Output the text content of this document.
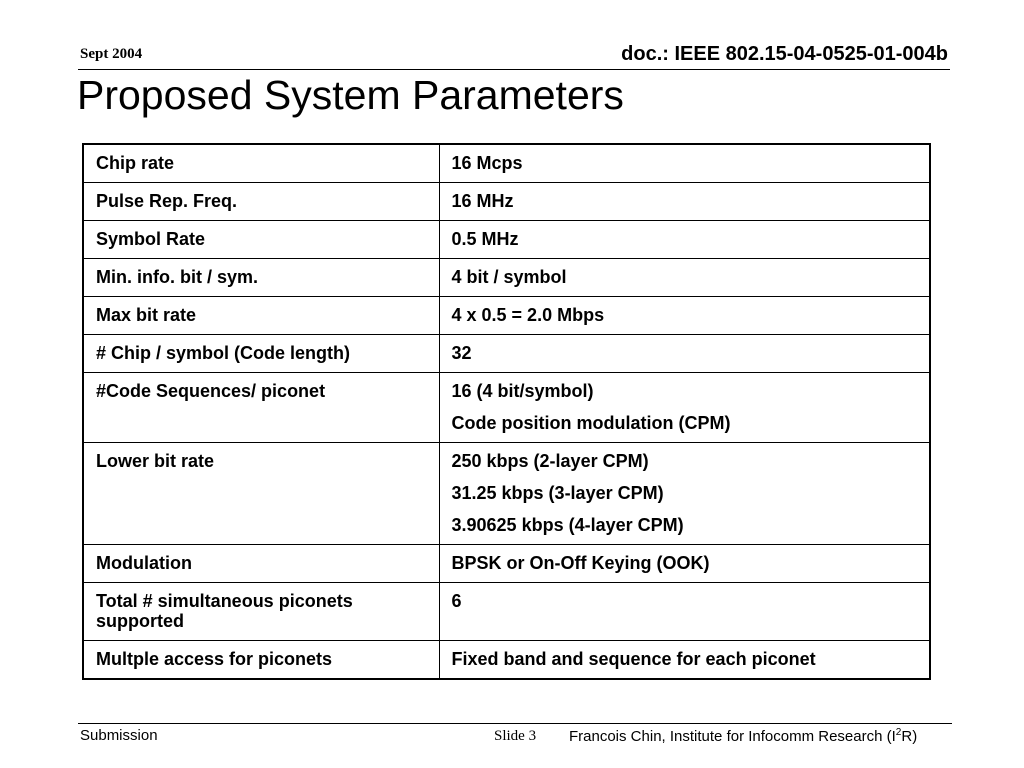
Sept 2004	doc.: IEEE 802.15-04-0525-01-004b
Proposed System Parameters
Chip rate	16 Mcps

Pulse Rep. Freq.	16 MHz

Symbol Rate	0.5 MHz

Min. info. bit / sym.	4 bit / symbol

Max bit rate	4 x 0.5 = 2.0 Mbps

# Chip / symbol (Code length)	32

#Code Sequences/ piconet	16 (4 bit/symbol)
Code position modulation (CPM)

Lower bit rate	250 kbps (2-layer CPM)
31.25 kbps (3-layer CPM)
3.90625 kbps (4-layer CPM)

Modulation	BPSK or On-Off Keying (OOK)

Total # simultaneous piconets supported	6

Multple access for piconets	Fixed band and sequence for each piconet
Submission	Slide 3 Francois Chin, Institute for Infocomm Research $(I^2R)$
